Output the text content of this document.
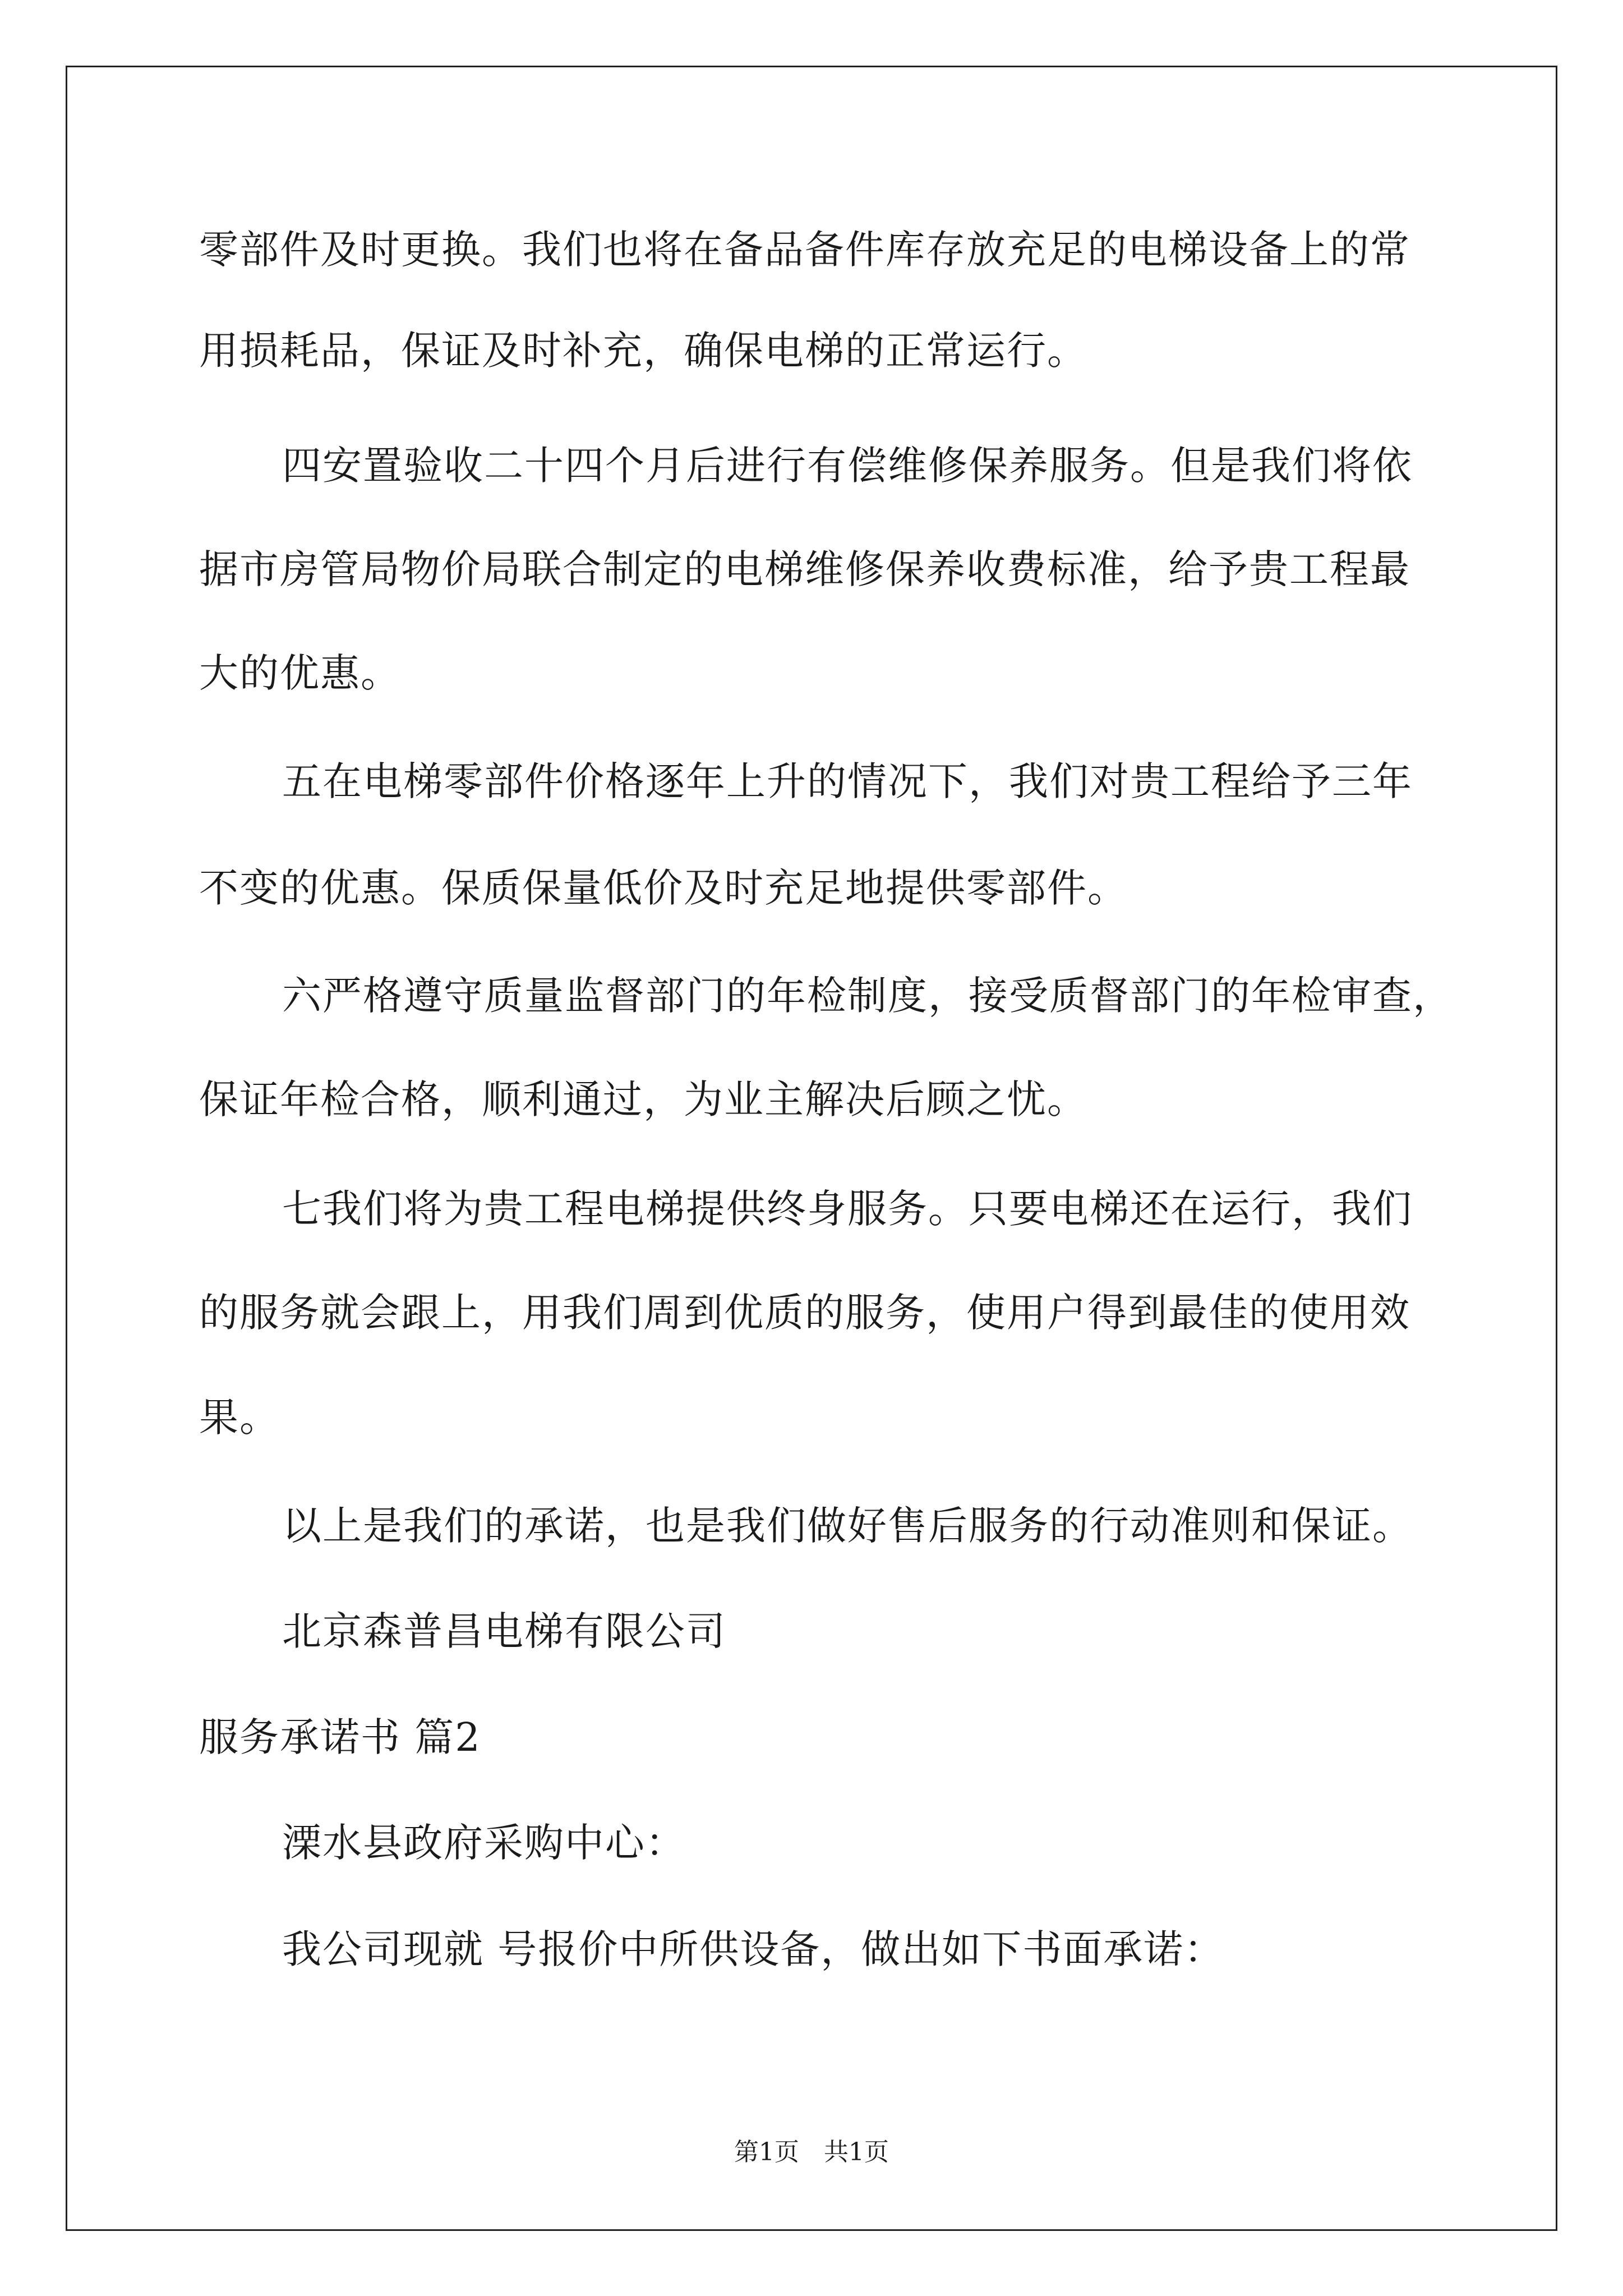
零部件及时更换。我们也将在备品备件库存放充足的电梯设备上的常
用损耗品，保证及时补充，确保电梯的正常运行。
四安置验收二十四个月后进行有偿维修保养服务。但是我们将依
据市房管局物价局联合制定的电梯维修保养收费标准，给予贵工程最
大的优惠。
五在电梯零部件价格逐年上升的情况下，我们对贵工程给予三年
不变的优惠。保质保量低价及时充足地提供零部件。
六严格遵守质量监督部门的年检制度，接受质督部门的年检审查，
保证年检合格，顺利通过，为业主解决后顾之忧。
七我们将为贵工程电梯提供终身服务。只要电梯还在运行，我们
的服务就会跟上，用我们周到优质的服务，使用户得到最佳的使用效
果。
以上是我们的承诺，也是我们做好售后服务的行动准则和保证。
北京森普昌电梯有限公司
服务承诺书 篇2
溧水县政府采购中心：
我公司现就 号报价中所供设备，做出如下书面承诺：
第1页　共1页
